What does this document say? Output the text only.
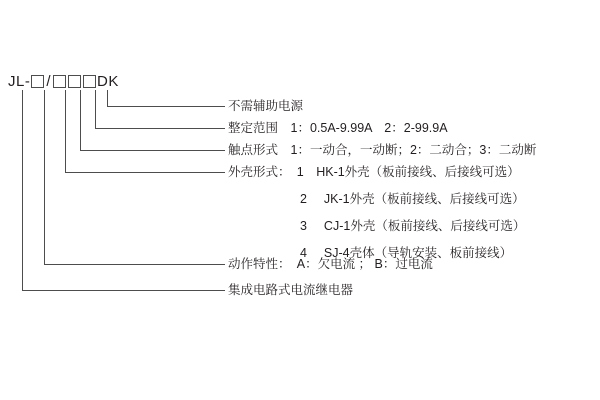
JL- /	DK
不需辅助电源
整定范围　1：0.5A-9.99A　2：2-99.9A
触点形式　1：一动合，一动断；2：二动合；3：二动断
外壳形式：　1　HK-1外壳（板前接线、后接线可选）
2 JK-1外壳（板前接线、后接线可选）
3 CJ-1外壳（板前接线、后接线可选）
4 SJ-4壳体（导轨安装、板前接线）
动作特性：　A：欠电流 ； B：过电流
集成电路式电流继电器
